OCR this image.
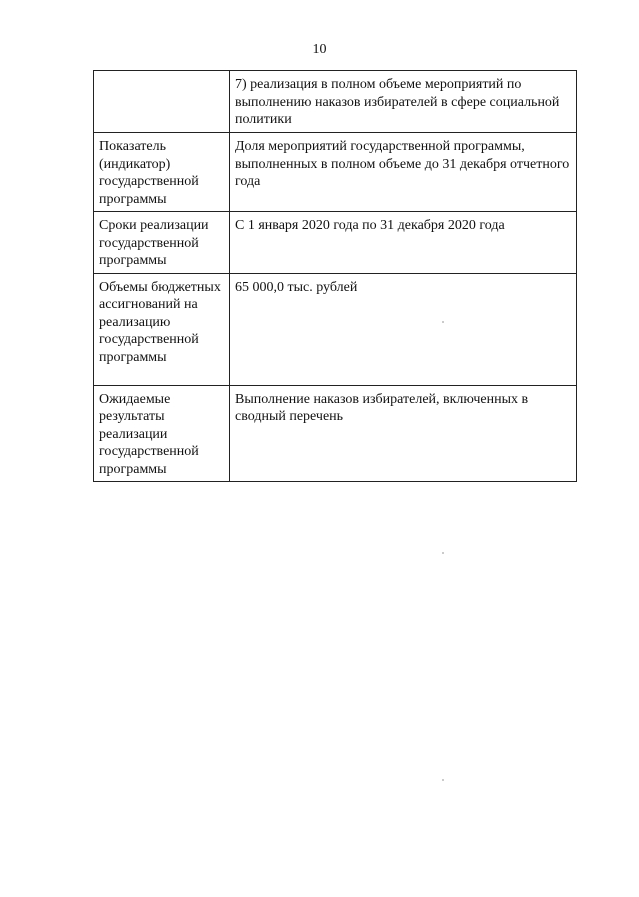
10
	7) реализация в полном объеме мероприятий по выполнению наказов избирателей в сфере социальной политики
Показатель (индикатор) государственной программы	Доля мероприятий государственной программы, выполненных в полном объеме до 31 декабря отчетного года
Сроки реализации государственной программы	С 1 января 2020 года по 31 декабря 2020 года
Объемы бюджетных ассигнований на реализацию государственной программы	65 000,0 тыс. рублей
Ожидаемые результаты реализации государственной программы	Выполнение наказов избирателей, включенных в сводный перечень
